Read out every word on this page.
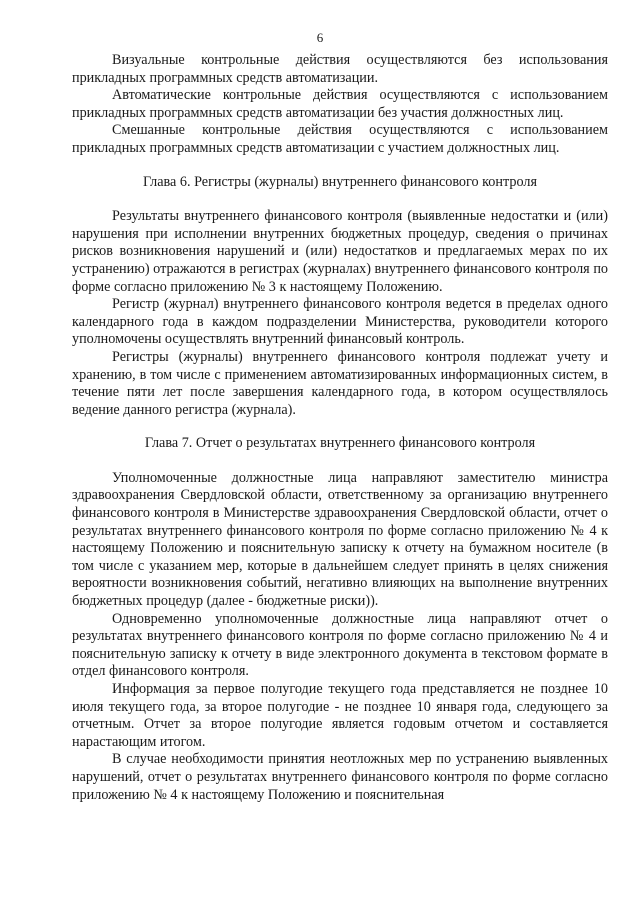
6

Визуальные контрольные действия осуществляются без использования прикладных программных средств автоматизации.

Автоматические контрольные действия осуществляются с использованием прикладных программных средств автоматизации без участия должностных лиц.

Смешанные контрольные действия осуществляются с использованием прикладных программных средств автоматизации с участием должностных лиц.

Глава 6. Регистры (журналы) внутреннего финансового контроля

Результаты внутреннего финансового контроля (выявленные недостатки и (или) нарушения при исполнении внутренних бюджетных процедур, сведения о причинах рисков возникновения нарушений и (или) недостатков и предлагаемых мерах по их устранению) отражаются в регистрах (журналах) внутреннего финансового контроля по форме согласно приложению № 3 к настоящему Положению.

Регистр (журнал) внутреннего финансового контроля ведется в пределах одного календарного года в каждом подразделении Министерства, руководители которого уполномочены осуществлять внутренний финансовый контроль.

Регистры (журналы) внутреннего финансового контроля подлежат учету и хранению, в том числе с применением автоматизированных информационных систем, в течение пяти лет после завершения календарного года, в котором осуществлялось ведение данного регистра (журнала).

Глава 7. Отчет о результатах внутреннего финансового контроля

Уполномоченные должностные лица направляют заместителю министра здравоохранения Свердловской области, ответственному за организацию внутреннего финансового контроля в Министерстве здравоохранения Свердловской области, отчет о результатах внутреннего финансового контроля по форме согласно приложению № 4 к настоящему Положению и пояснительную записку к отчету на бумажном носителе (в том числе с указанием мер, которые в дальнейшем следует принять в целях снижения вероятности возникновения событий, негативно влияющих на выполнение внутренних бюджетных процедур (далее - бюджетные риски)).

Одновременно уполномоченные должностные лица направляют отчет о результатах внутреннего финансового контроля по форме согласно приложению № 4 и пояснительную записку к отчету в виде электронного документа в текстовом формате в отдел финансового контроля.

Информация за первое полугодие текущего года представляется не позднее 10 июля текущего года, за второе полугодие - не позднее 10 января года, следующего за отчетным. Отчет за второе полугодие является годовым отчетом и составляется нарастающим итогом.

В случае необходимости принятия неотложных мер по устранению выявленных нарушений, отчет о результатах внутреннего финансового контроля по форме согласно приложению № 4 к настоящему Положению и пояснительная
